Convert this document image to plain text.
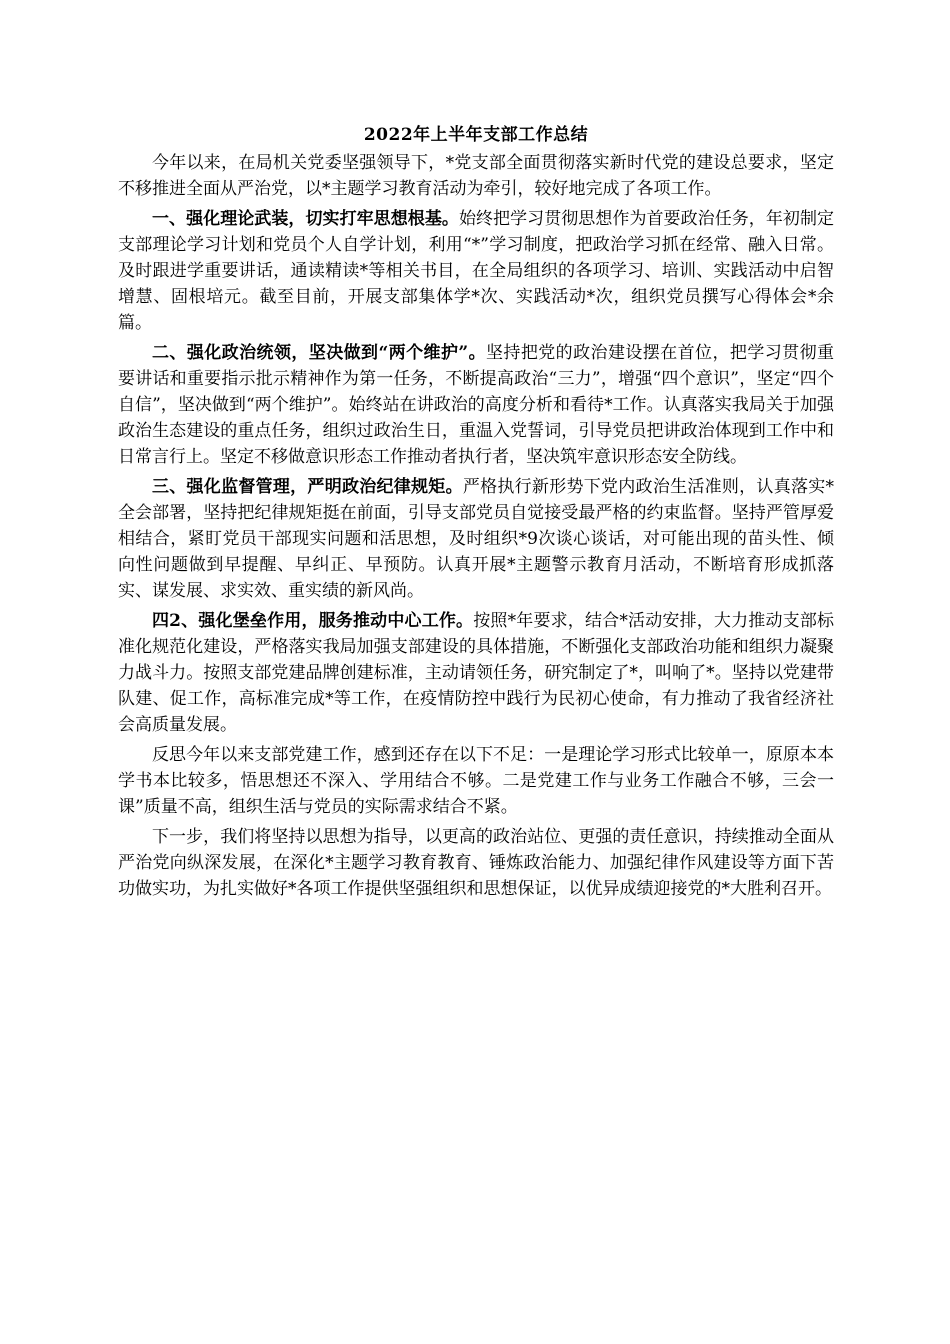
2022年上半年支部工作总结

今年以来，在局机关党委坚强领导下，*党支部全面贯彻落实新时代党的建设总要求，坚定不移推进全面从严治党，以*主题学习教育活动为牵引，较好地完成了各项工作。

一、强化理论武装，切实打牢思想根基。始终把学习贯彻思想作为首要政治任务，年初制定支部理论学习计划和党员个人自学计划，利用“*”学习制度，把政治学习抓在经常、融入日常。及时跟进学重要讲话，通读精读*等相关书目，在全局组织的各项学习、培训、实践活动中启智增慧、固根培元。截至目前，开展支部集体学*次、实践活动*次，组织党员撰写心得体会*余篇。

二、强化政治统领，坚决做到“两个维护”。坚持把党的政治建设摆在首位，把学习贯彻重要讲话和重要指示批示精神作为第一任务，不断提高政治“三力”，增强“四个意识”，坚定“四个自信”，坚决做到“两个维护”。始终站在讲政治的高度分析和看待*工作。认真落实我局关于加强政治生态建设的重点任务，组织过政治生日，重温入党誓词，引导党员把讲政治体现到工作中和日常言行上。坚定不移做意识形态工作推动者执行者，坚决筑牢意识形态安全防线。

三、强化监督管理，严明政治纪律规矩。严格执行新形势下党内政治生活准则，认真落实*全会部署，坚持把纪律规矩挺在前面，引导支部党员自觉接受最严格的约束监督。坚持严管厚爱相结合，紧盯党员干部现实问题和活思想，及时组织*9次谈心谈话，对可能出现的苗头性、倾向性问题做到早提醒、早纠正、早预防。认真开展*主题警示教育月活动，不断培育形成抓落实、谋发展、求实效、重实绩的新风尚。

四2、强化堡垒作用，服务推动中心工作。按照*年要求，结合*活动安排，大力推动支部标准化规范化建设，严格落实我局加强支部建设的具体措施，不断强化支部政治功能和组织力凝聚力战斗力。按照支部党建品牌创建标准，主动请领任务，研究制定了*，叫响了*。坚持以党建带队建、促工作，高标准完成*等工作，在疫情防控中践行为民初心使命，有力推动了我省经济社会高质量发展。

反思今年以来支部党建工作，感到还存在以下不足：一是理论学习形式比较单一，原原本本学书本比较多，悟思想还不深入、学用结合不够。二是党建工作与业务工作融合不够，三会一课”质量不高，组织生活与党员的实际需求结合不紧。

下一步，我们将坚持以思想为指导，以更高的政治站位、更强的责任意识，持续推动全面从严治党向纵深发展，在深化*主题学习教育教育、锤炼政治能力、加强纪律作风建设等方面下苦功做实功，为扎实做好*各项工作提供坚强组织和思想保证，以优异成绩迎接党的*大胜利召开。
